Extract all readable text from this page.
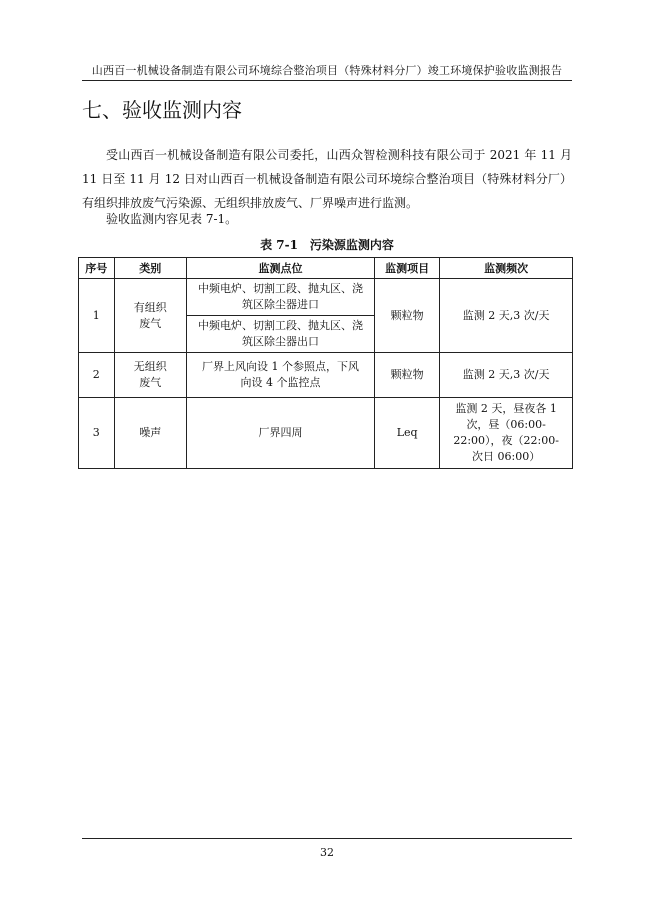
山西百一机械设备制造有限公司环境综合整治项目（特殊材料分厂）竣工环境保护验收监测报告
七、验收监测内容

受山西百一机械设备制造有限公司委托，山西众智检测科技有限公司于 2021 年 11 月 11 日至 11 月 12 日对山西百一机械设备制造有限公司环境综合整治项目（特殊材料分厂）有组织排放废气污染源、无组织排放废气、厂界噪声进行监测。

验收监测内容见表 7-1。

表 7-1　污染源监测内容
序号	类别	监测点位	监测项目	监测频次
1	有组织废气	中频电炉、切割工段、抛丸区、浇筑区除尘器进口	颗粒物	监测 2 天,3 次/天
		中频电炉、切割工段、抛丸区、浇筑区除尘器出口		
2	无组织废气	厂界上风向设 1 个参照点，下风向设 4 个监控点	颗粒物	监测 2 天,3 次/天
3	噪声	厂界四周	Leq	监测 2 天，昼夜各 1 次，昼（06:00-22:00），夜（22:00-次日 06:00）
32
